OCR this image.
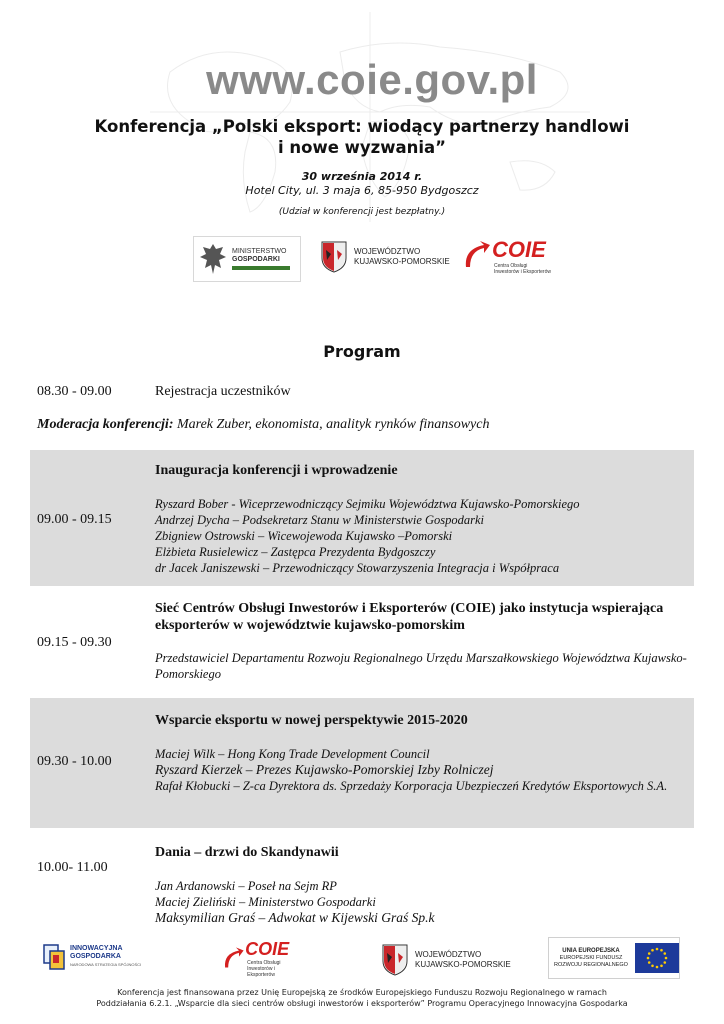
www.coie.gov.pl
Konferencja „Polski eksport: wiodący partnerzy handlowi
i nowe wyzwania”
30 września 2014 r.
Hotel City, ul. 3 maja 6, 85-950 Bydgoszcz
(Udział w konferencji jest bezpłatny.)
MINISTERSTWO
GOSPODARKI
WOJEWÓDZTWO
KUJAWSKO-POMORSKIE COIE
Centra Obsługi
Inwestorów i Eksporterów
Program
08.30 - 09.00	Rejestracja uczestników
Moderacja konferencji: Marek Zuber, ekonomista, analityk rynków finansowych
09.00 - 09.15
Inauguracja konferencji i wprowadzenie
Ryszard Bober - Wiceprzewodniczący Sejmiku Województwa Kujawsko-Pomorskiego
Andrzej Dycha – Podsekretarz Stanu w Ministerstwie Gospodarki
Zbigniew Ostrowski – Wicewojewoda Kujawsko –Pomorski
Elżbieta Rusielewicz – Zastępca Prezydenta Bydgoszczy
dr Jacek Janiszewski – Przewodniczący Stowarzyszenia Integracja i Współpraca
09.15 - 09.30
Sieć Centrów Obsługi Inwestorów i Eksporterów (COIE) jako instytucja wspierająca eksporterów w województwie kujawsko-pomorskim
Przedstawiciel Departamentu Rozwoju Regionalnego Urzędu Marszałkowskiego Województwa Kujawsko-Pomorskiego
09.30 - 10.00
Wsparcie eksportu w nowej perspektywie 2015-2020
Maciej Wilk – Hong Kong Trade Development Council
Ryszard Kierzek – Prezes Kujawsko-Pomorskiej Izby Rolniczej
Rafał Kłobucki – Z-ca Dyrektora ds. Sprzedaży Korporacja Ubezpieczeń Kredytów Eksportowych S.A.
10.00- 11.00
Dania – drzwi do Skandynawii
Jan Ardanowski – Poseł na Sejm RP
Maciej Zieliński – Ministerstwo Gospodarki
Maksymilian Graś – Adwokat w Kijewski Graś Sp.k
INNOWACYJNA
GOSPODARKA
NARODOWA STRATEGIA SPÓJNOŚCI
COIE
Centra Obsługi
Inwestorów i Eksporterów
WOJEWÓDZTWO
KUJAWSKO-POMORSKIE
UNIA EUROPEJSKA
EUROPEJSKI FUNDUSZ
ROZWOJU REGIONALNEGO
Konferencja jest finansowana przez Unię Europejską ze środków Europejskiego Funduszu Rozwoju Regionalnego w ramach
Poddziałania 6.2.1. „Wsparcie dla sieci centrów obsługi inwestorów i eksporterów” Programu Operacyjnego Innowacyjna Gospodarka
